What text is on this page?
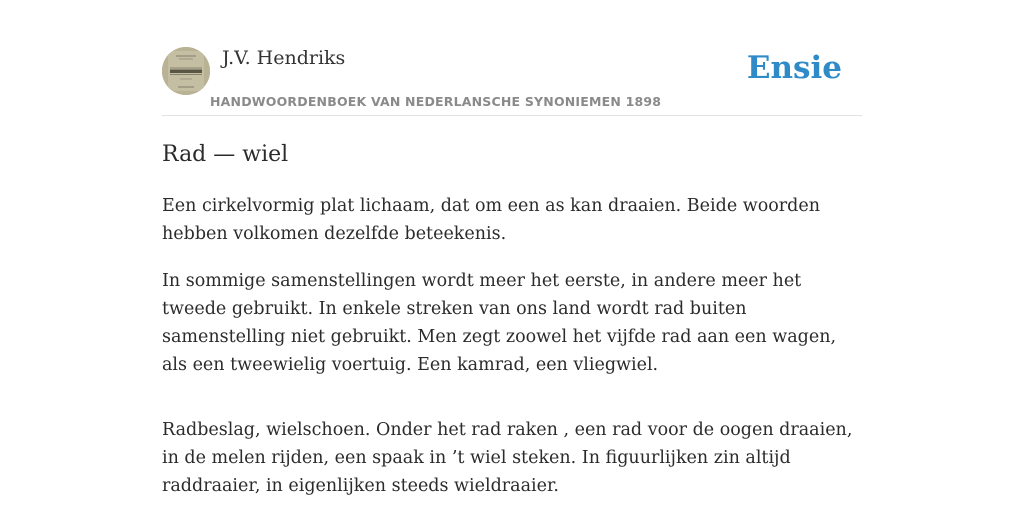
J.V. Hendriks
HANDWOORDENBOEK VAN NEDERLANSCHE SYNONIEMEN 1898
Ensie
Rad — wiel

Een cirkelvormig plat lichaam, dat om een as kan draaien. Beide woorden hebben volkomen dezelfde beteekenis.

In sommige samenstellingen wordt meer het eerste, in andere meer het tweede gebruikt. In enkele streken van ons land wordt rad buiten samenstelling niet gebruikt. Men zegt zoowel het vijfde rad aan een wagen, als een tweewielig voertuig. Een kamrad, een vliegwiel.

Radbeslag, wielschoen. Onder het rad raken , een rad voor de oogen draaien, in de melen rijden, een spaak in ’t wiel steken. In figuurlijken zin altijd raddraaier, in eigenlijken steeds wieldraaier.
